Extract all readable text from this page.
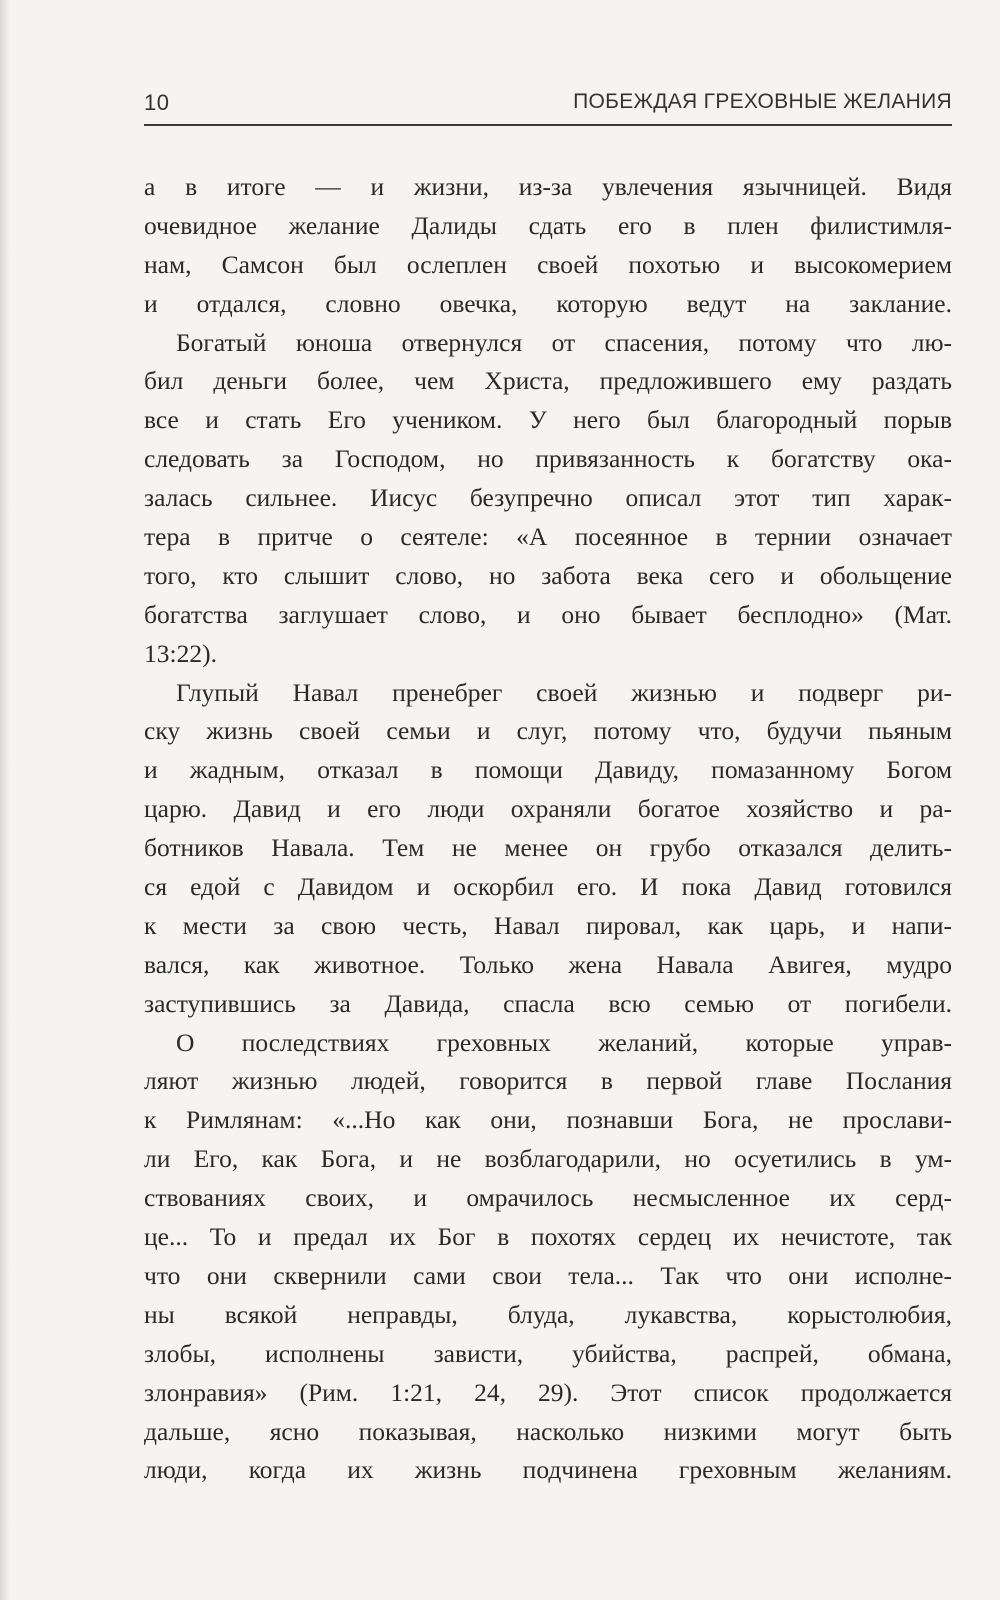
10	ПОБЕЖДАЯ ГРЕХОВНЫЕ ЖЕЛАНИЯ
а в итоге — и жизни, из-за увлечения язычницей. Видя
очевидное желание Далиды сдать его в плен филистимля-
нам, Самсон был ослеплен своей похотью и высокомерием
и отдался, словно овечка, которую ведут на заклание.
Богатый юноша отвернулся от спасения, потому что лю-
бил деньги более, чем Христа, предложившего ему раздать
все и стать Его учеником. У него был благородный порыв
следовать за Господом, но привязанность к богатству ока-
залась сильнее. Иисус безупречно описал этот тип харак-
тера в притче о сеятеле: «А посеянное в тернии означает
того, кто слышит слово, но забота века сего и обольщение
богатства заглушает слово, и оно бывает бесплодно» (Мат.
13:22).
Глупый Навал пренебрег своей жизнью и подверг ри-
ску жизнь своей семьи и слуг, потому что, будучи пьяным
и жадным, отказал в помощи Давиду, помазанному Богом
царю. Давид и его люди охраняли богатое хозяйство и ра-
ботников Навала. Тем не менее он грубо отказался делить-
ся едой с Давидом и оскорбил его. И пока Давид готовился
к мести за свою честь, Навал пировал, как царь, и напи-
вался, как животное. Только жена Навала Авигея, мудро
заступившись за Давида, спасла всю семью от погибели.
О последствиях греховных желаний, которые управ-
ляют жизнью людей, говорится в первой главе Послания
к Римлянам: «...Но как они, познавши Бога, не прослави-
ли Его, как Бога, и не возблагодарили, но осуетились в ум-
ствованиях своих, и омрачилось несмысленное их серд-
це... То и предал их Бог в похотях сердец их нечистоте, так
что они сквернили сами свои тела... Так что они исполне-
ны всякой неправды, блуда, лукавства, корыстолюбия,
злобы, исполнены зависти, убийства, распрей, обмана,
злонравия» (Рим. 1:21, 24, 29). Этот список продолжается
дальше, ясно показывая, насколько низкими могут быть
люди, когда их жизнь подчинена греховным желаниям.
